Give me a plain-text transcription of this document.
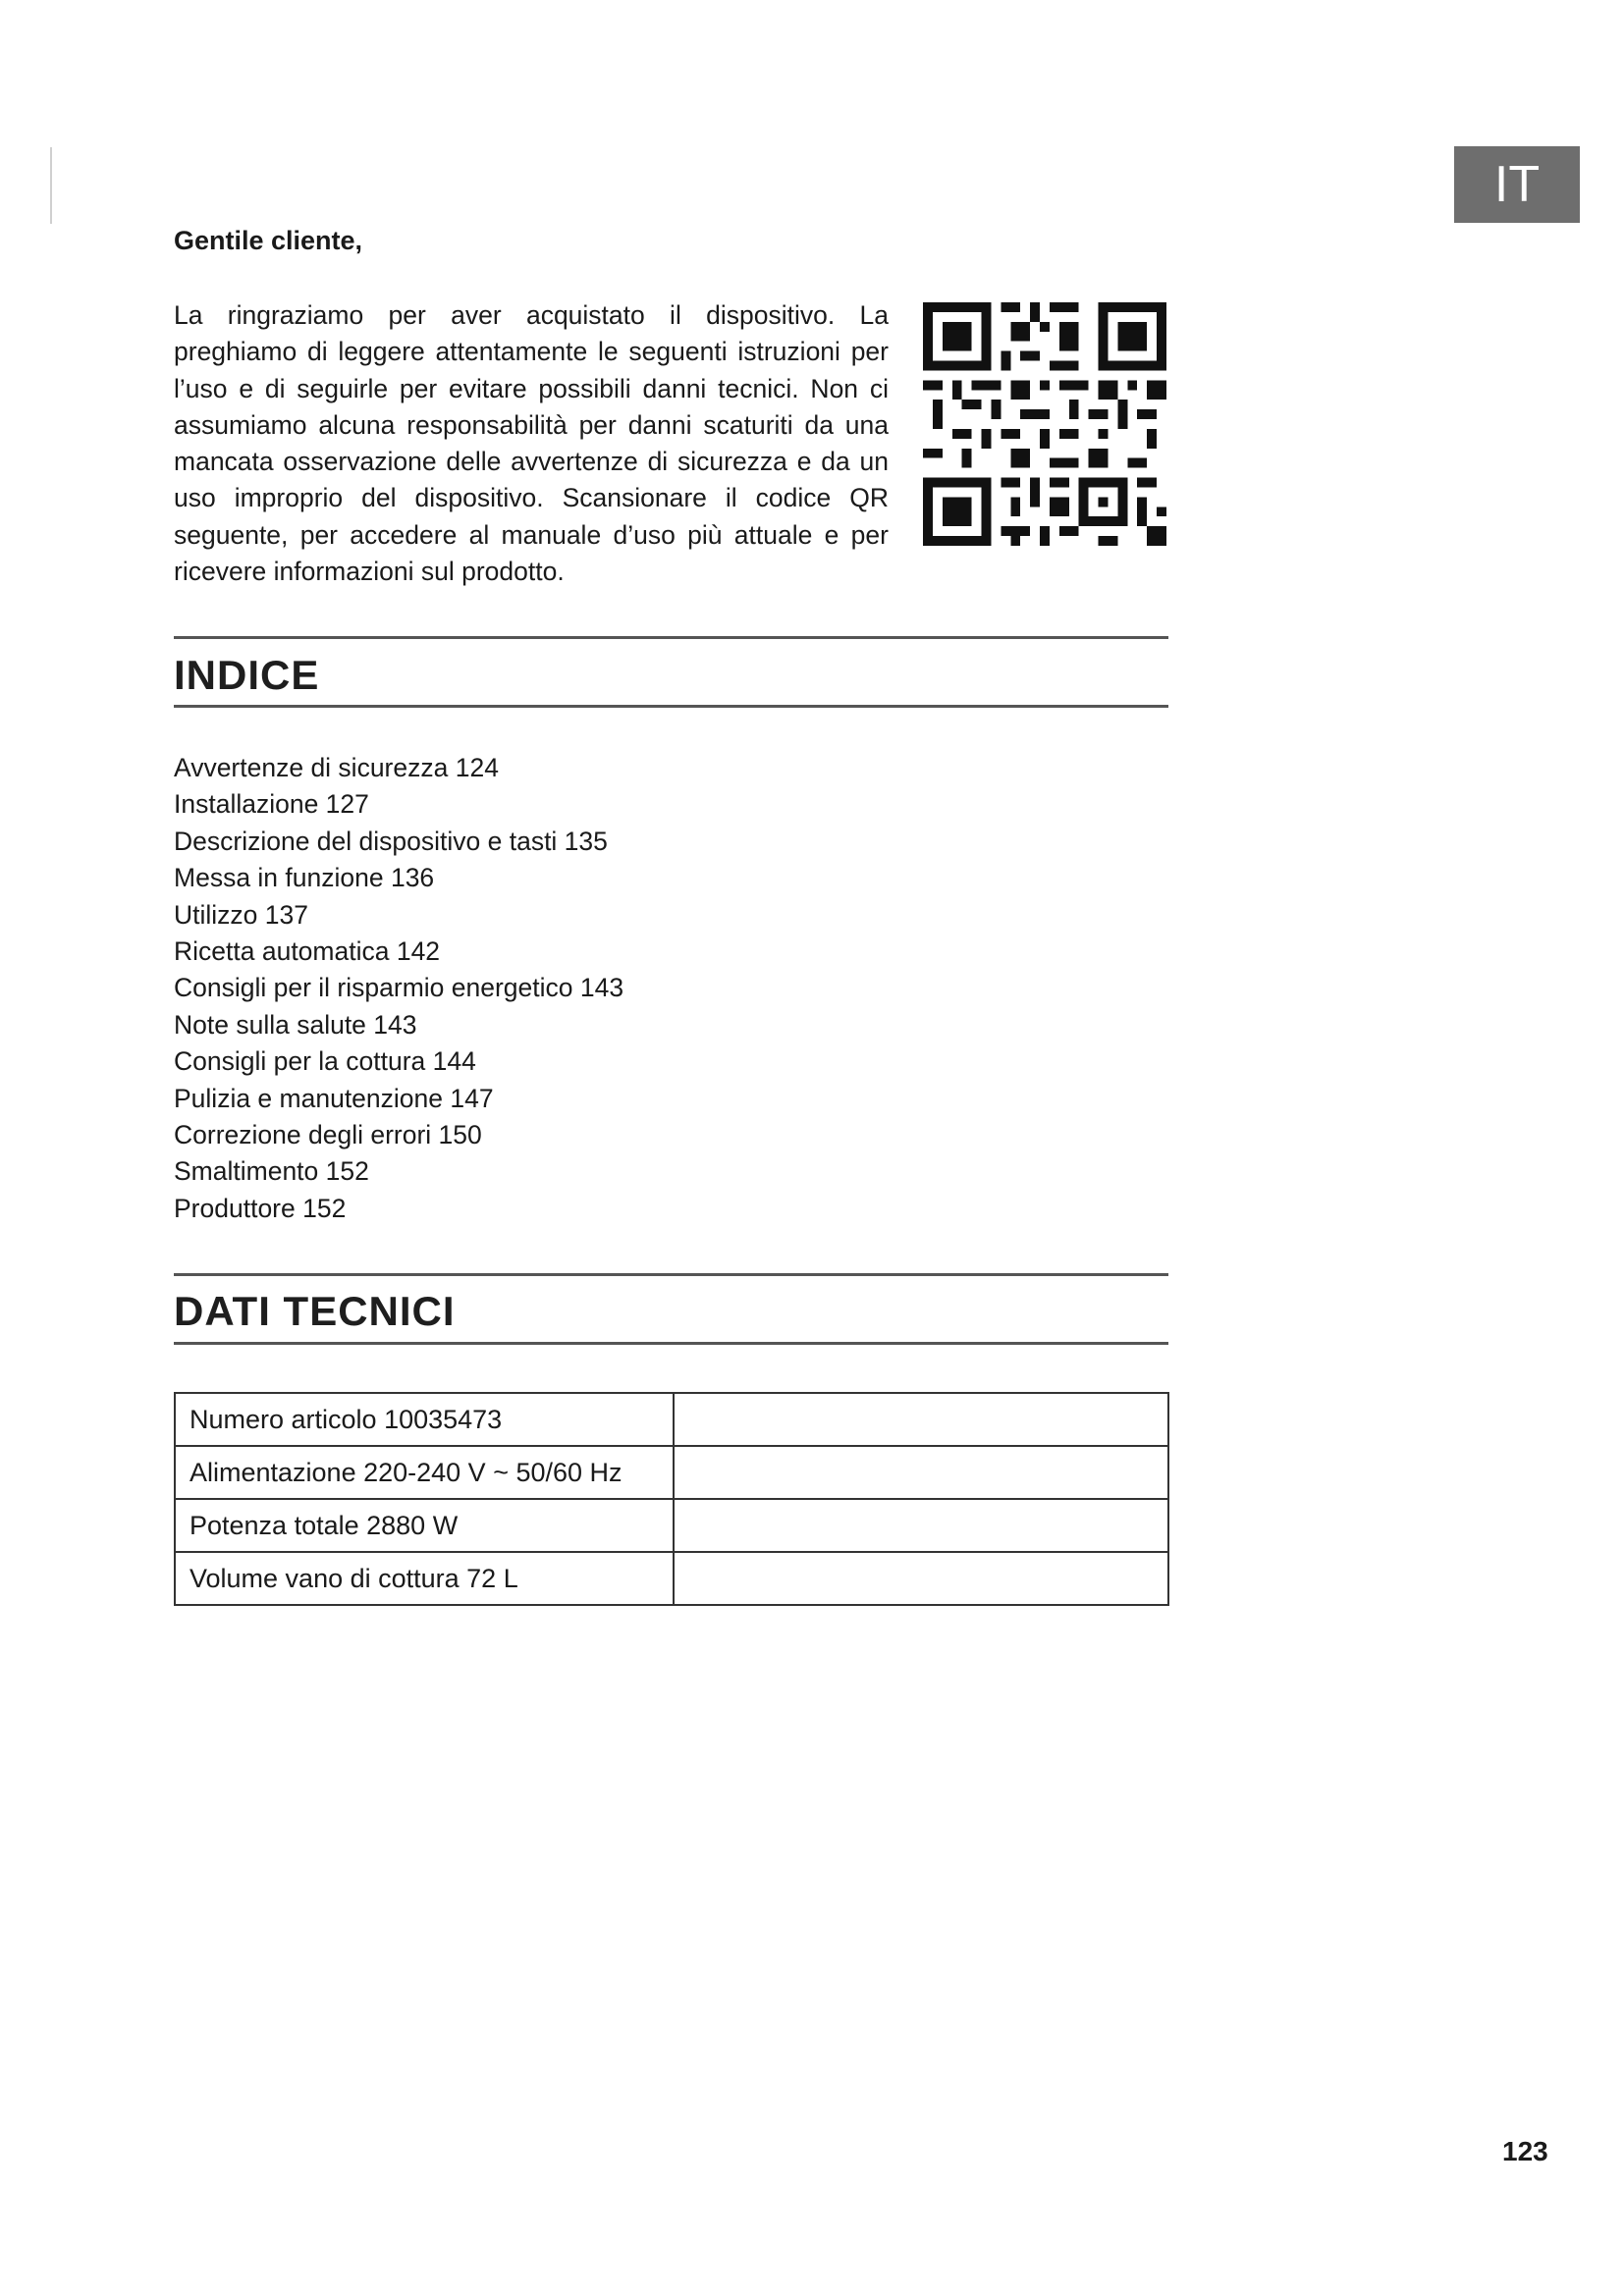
IT
Gentile cliente,

La ringraziamo per aver acquistato il dispositivo. La preghiamo di leggere attentamente le seguenti istruzioni per l’uso e di seguirle per evitare possibili danni tecnici. Non ci assumiamo alcuna responsabilità per danni scaturiti da una mancata osservazione delle avvertenze di sicurezza e da un uso improprio del dispositivo. Scansionare il codice QR seguente, per accedere al manuale d’uso più attuale e per ricevere informazioni sul prodotto.

INDICE
Avvertenze di sicurezza 124
Installazione 127
Descrizione del dispositivo e tasti 135
Messa in funzione 136
Utilizzo 137
Ricetta automatica 142
Consigli per il risparmio energetico 143
Note sulla salute 143
Consigli per la cottura 144
Pulizia e manutenzione 147
Correzione degli errori 150
Smaltimento 152
Produttore 152
DATI TECNICI
Numero articolo 10035473	
Alimentazione 220-240 V ~ 50/60 Hz	
Potenza totale 2880 W	
Volume vano di cottura 72 L	
123
